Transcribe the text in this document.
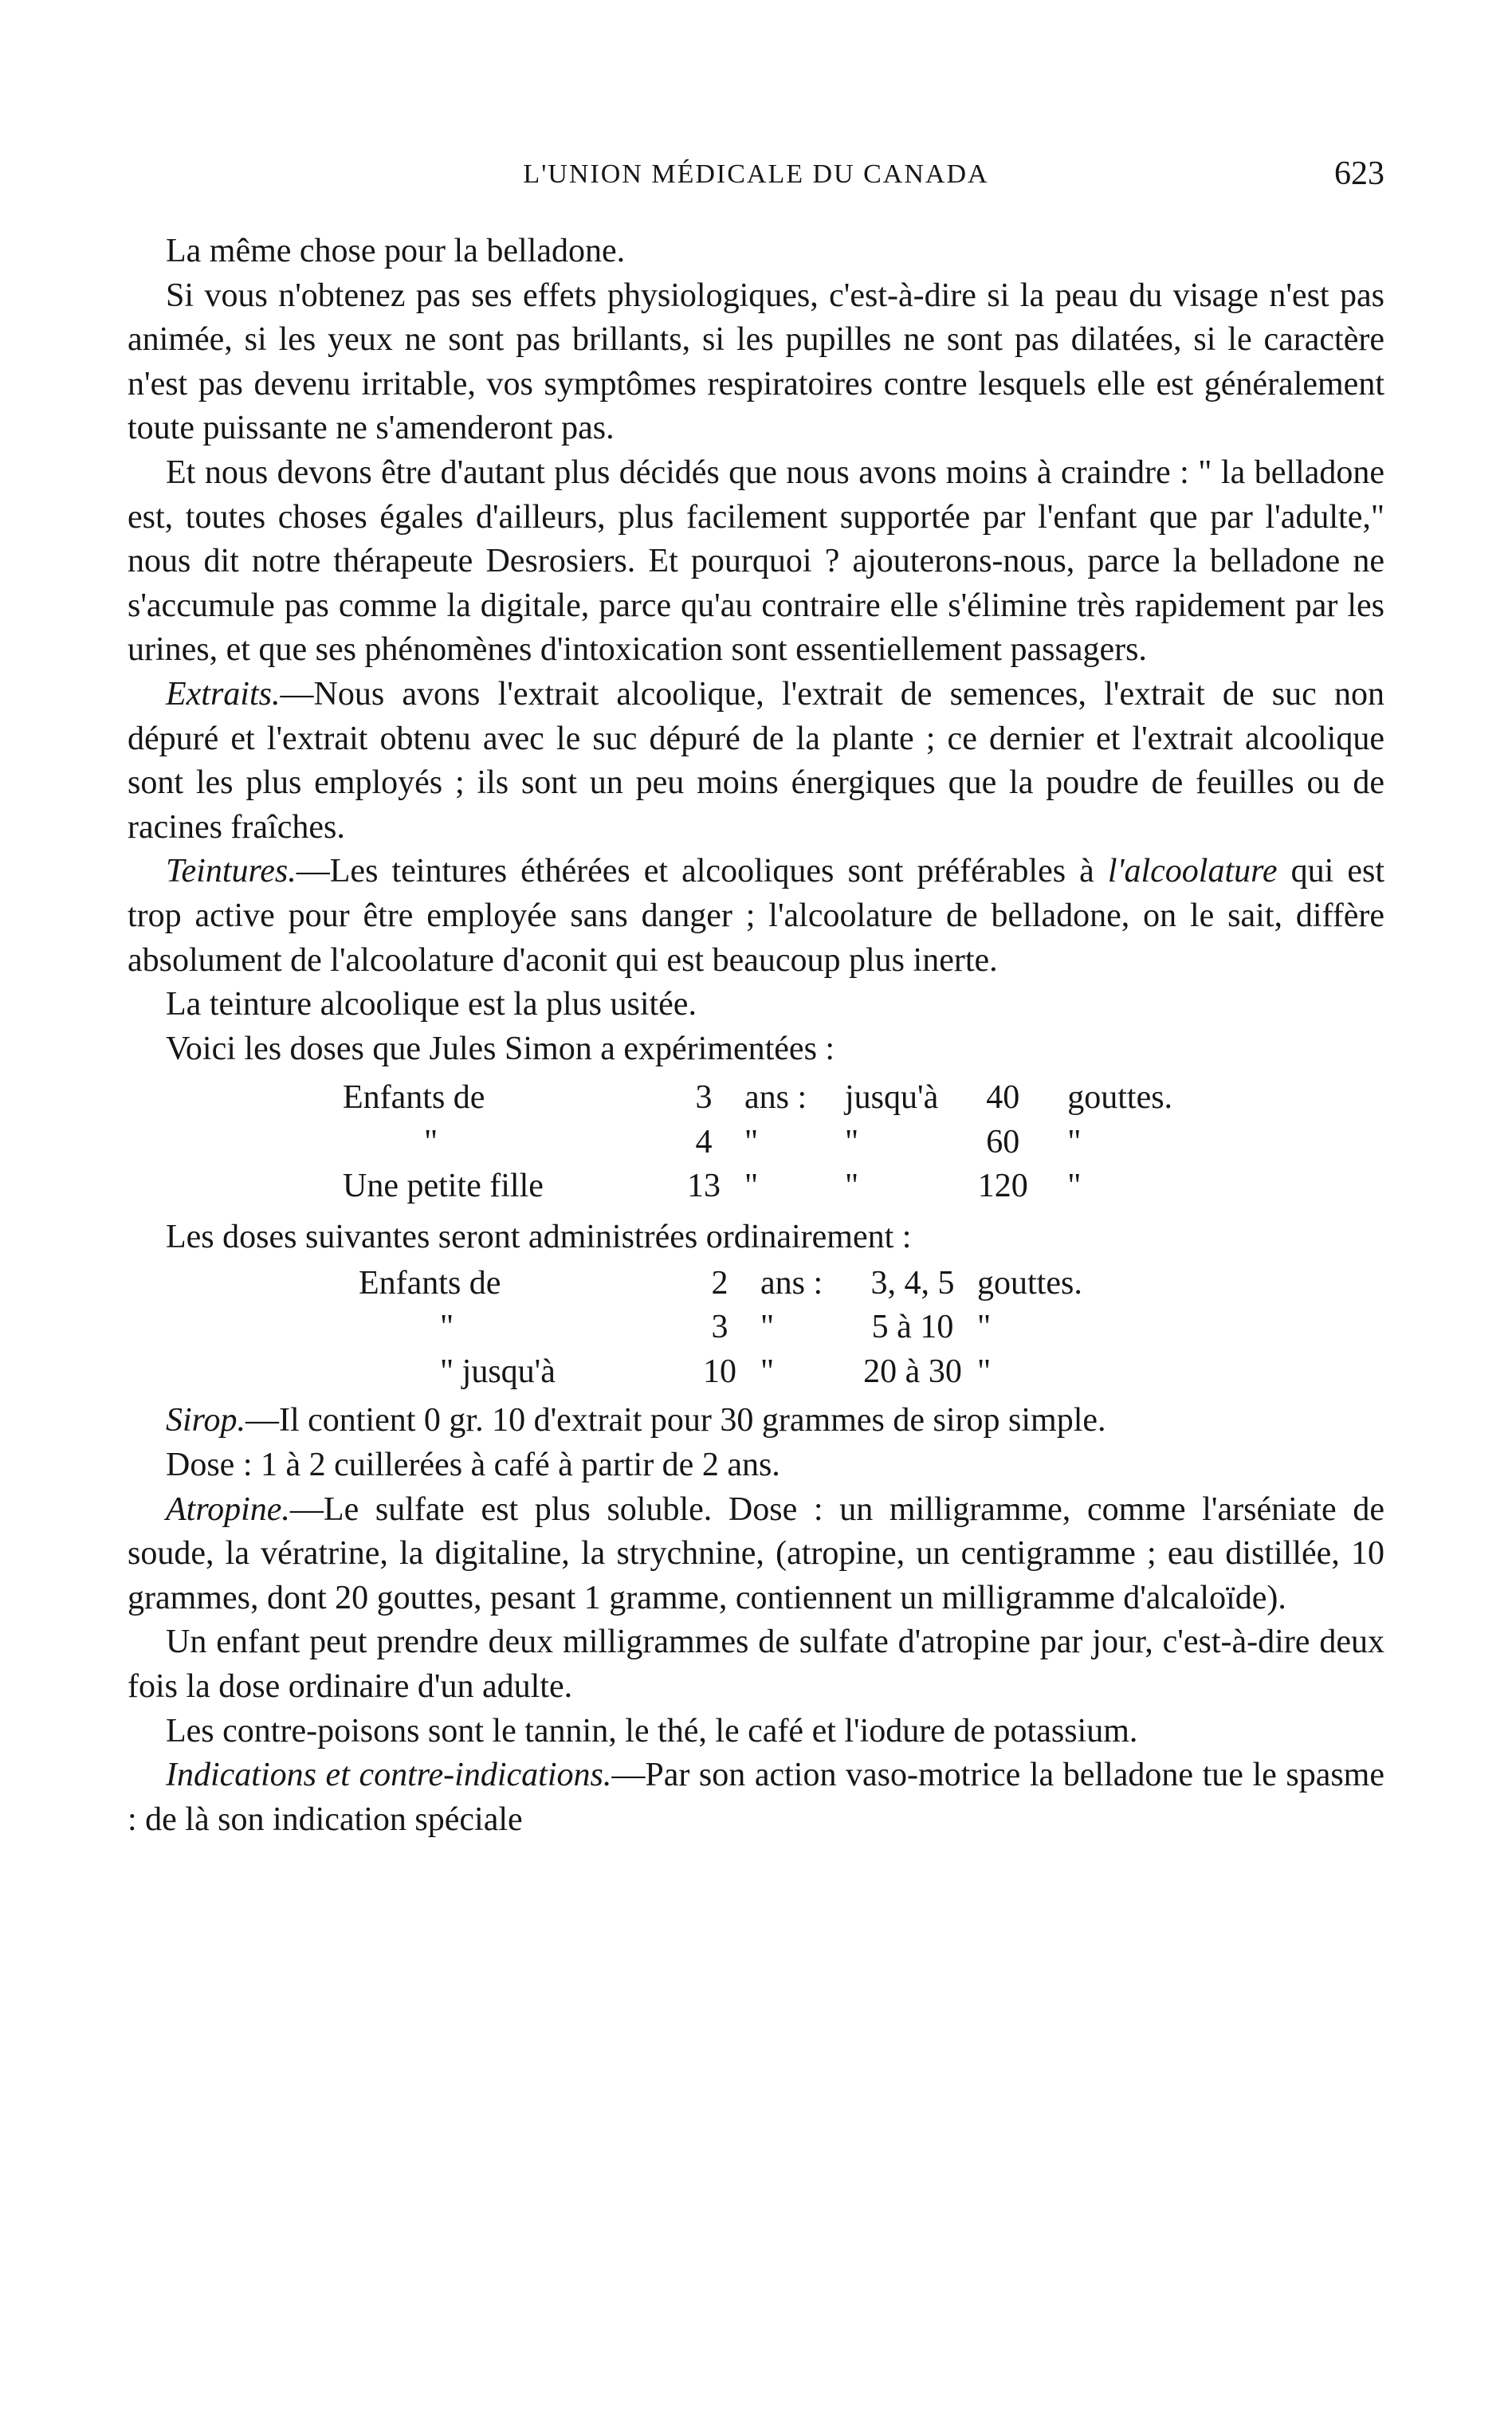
L'UNION MÉDICALE DU CANADA	623

La même chose pour la belladone.

Si vous n'obtenez pas ses effets physiologiques, c'est-à-dire si la peau du visage n'est pas animée, si les yeux ne sont pas brillants, si les pupilles ne sont pas dilatées, si le caractère n'est pas devenu irritable, vos symptômes respiratoires contre lesquels elle est généralement toute puissante ne s'amenderont pas.

Et nous devons être d'autant plus décidés que nous avons moins à craindre : " la belladone est, toutes choses égales d'ailleurs, plus facilement supportée par l'enfant que par l'adulte," nous dit notre thérapeute Desrosiers. Et pourquoi ? ajouterons-nous, parce la belladone ne s'accumule pas comme la digitale, parce qu'au contraire elle s'élimine très rapidement par les urines, et que ses phénomènes d'intoxication sont essentiellement passagers.

Extraits.—Nous avons l'extrait alcoolique, l'extrait de semences, l'extrait de suc non dépuré et l'extrait obtenu avec le suc dépuré de la plante ; ce dernier et l'extrait alcoolique sont les plus employés ; ils sont un peu moins énergiques que la poudre de feuilles ou de racines fraîches.

Teintures.—Les teintures éthérées et alcooliques sont préférables à l'alcoolature qui est trop active pour être employée sans danger ; l'alcoolature de belladone, on le sait, diffère absolument de l'alcoolature d'aconit qui est beaucoup plus inerte.

La teinture alcoolique est la plus usitée.

Voici les doses que Jules Simon a expérimentées :

Enfants de	3	ans :	jusqu'à	40	gouttes.
"	4	"	"	60	"
Une petite fille	13	"	"	120	"

Les doses suivantes seront administrées ordinairement :

Enfants de	2	ans :	3, 4, 5	gouttes.
"	3	"	5 à 10	"
" jusqu'à	10	"	20 à 30	"

Sirop.—Il contient 0 gr. 10 d'extrait pour 30 grammes de sirop simple.

Dose : 1 à 2 cuillerées à café à partir de 2 ans.

Atropine.—Le sulfate est plus soluble. Dose : un milligramme, comme l'arséniate de soude, la vératrine, la digitaline, la strychnine, (atropine, un centigramme ; eau distillée, 10 grammes, dont 20 gouttes, pesant 1 gramme, contiennent un milligramme d'alcaloïde).

Un enfant peut prendre deux milligrammes de sulfate d'atropine par jour, c'est-à-dire deux fois la dose ordinaire d'un adulte.

Les contre-poisons sont le tannin, le thé, le café et l'iodure de potassium.

Indications et contre-indications.—Par son action vaso-motrice la belladone tue le spasme : de là son indication spéciale
